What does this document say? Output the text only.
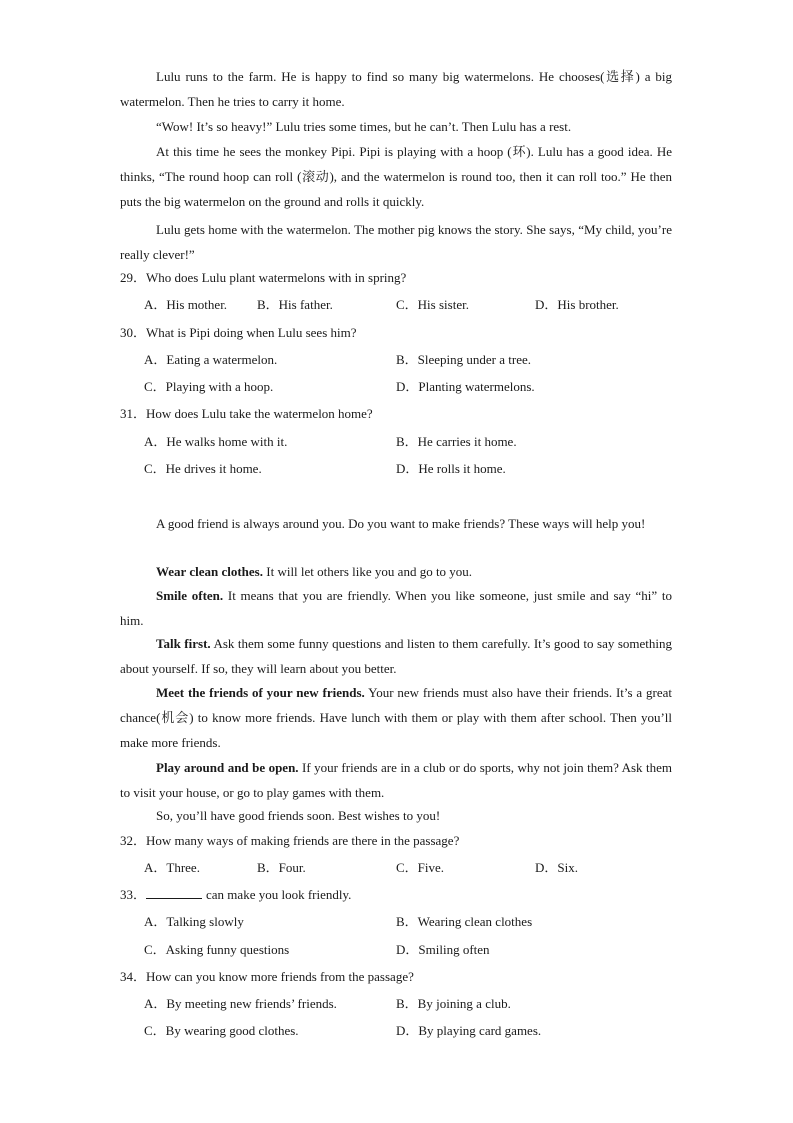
Lulu runs to the farm. He is happy to find so many big watermelons. He chooses(选择) a big watermelon. Then he tries to carry it home.

“Wow! It’s so heavy!” Lulu tries some times, but he can’t. Then Lulu has a rest.

At this time he sees the monkey Pipi. Pipi is playing with a hoop (环). Lulu has a good idea. He thinks, “The round hoop can roll (滚动), and the watermelon is round too, then it can roll too.” He then puts the big watermelon on the ground and rolls it quickly.

Lulu gets home with the watermelon. The mother pig knows the story. She says, “My child, you’re really clever!”

29．Who does Lulu plant watermelons with in spring?

A．His mother. B．His father.	C．His sister.	D．His brother.

30．What is Pipi doing when Lulu sees him?

A．Eating a watermelon.	B．Sleeping under a tree.
C．Playing with a hoop.	D．Planting watermelons.

31．How does Lulu take the watermelon home?

A．He walks home with it.	B．He carries it home.
C．He drives it home.	D．He rolls it home.

A good friend is always around you. Do you want to make friends? These ways will help you!

Wear clean clothes. It will let others like you and go to you.

Smile often. It means that you are friendly. When you like someone, just smile and say “hi” to him.

Talk first. Ask them some funny questions and listen to them carefully. It’s good to say something about yourself. If so, they will learn about you better.

Meet the friends of your new friends. Your new friends must also have their friends. It’s a great chance(机会) to know more friends. Have lunch with them or play with them after school. Then you’ll make more friends.

Play around and be open. If your friends are in a club or do sports, why not join them? Ask them to visit your house, or go to play games with them.

So, you’ll have good friends soon. Best wishes to you!

32．How many ways of making friends are there in the passage?

A．Three.	B．Four.	C．Five.	D．Six.

33．	can make you look friendly.

A．Talking slowly	B．Wearing clean clothes
C．Asking funny questions	D．Smiling often

34．How can you know more friends from the passage?

A．By meeting new friends’ friends.	B．By joining a club.
C．By wearing good clothes.	D．By playing card games.
